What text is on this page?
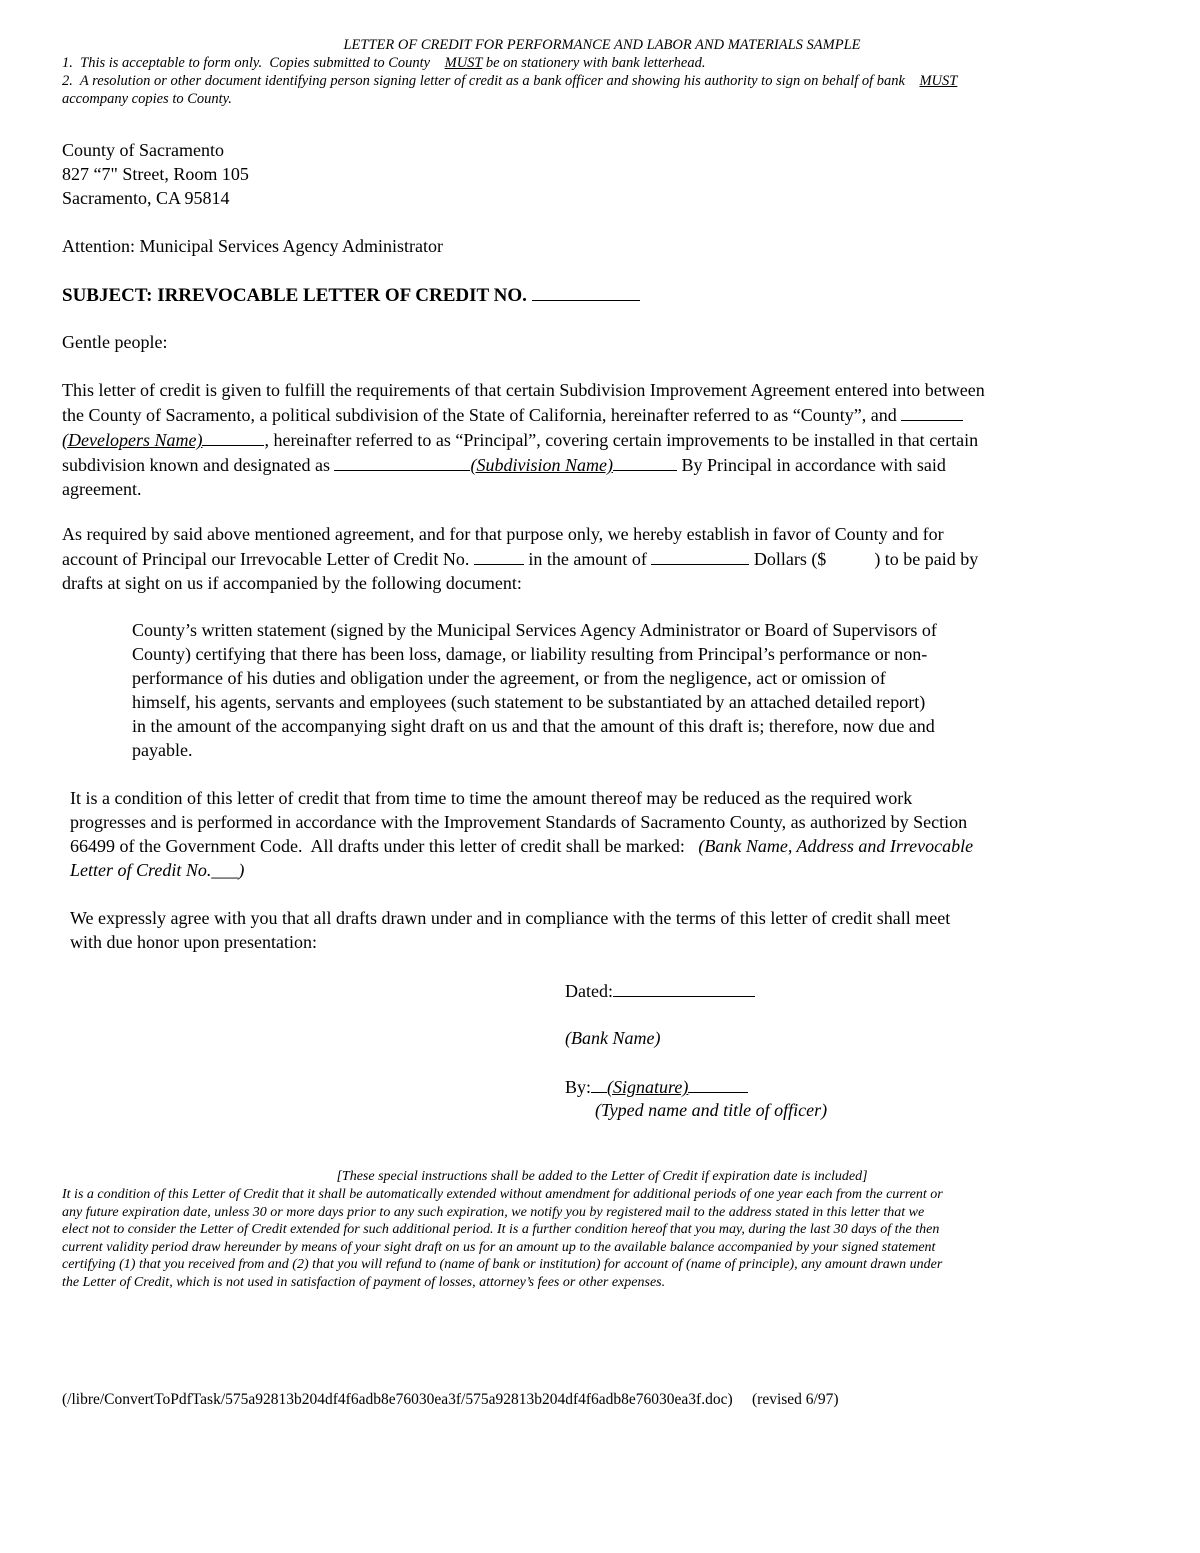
LETTER OF CREDIT FOR PERFORMANCE AND LABOR AND MATERIALS SAMPLE
1.  This is acceptable to form only.  Copies submitted to County    MUST be on stationery with bank letterhead.
2.  A resolution or other document identifying person signing letter of credit as a bank officer and showing his authority to sign on behalf of bank    MUST
accompany copies to County.
County of Sacramento
827 “7" Street, Room 105
Sacramento, CA 95814
Attention: Municipal Services Agency Administrator
SUBJECT: IRREVOCABLE LETTER OF CREDIT NO.
Gentle people:
This letter of credit is given to fulfill the requirements of that certain Subdivision Improvement Agreement entered into between
the County of Sacramento, a political subdivision of the State of California, hereinafter referred to as “County”, and
(Developers Name)	, hereinafter referred to as “Principal”, covering certain improvements to be installed in that certain
subdivision known and designated as	(Subdivision Name)	By Principal in accordance with said
agreement.
As required by said above mentioned agreement, and for that purpose only, we hereby establish in favor of County and for
account of Principal our Irrevocable Letter of Credit No.	in the amount of	Dollars ($	) to be paid by
drafts at sight on us if accompanied by the following document:
County’s written statement (signed by the Municipal Services Agency Administrator or Board of Supervisors of
County) certifying that there has been loss, damage, or liability resulting from Principal’s performance or non-
performance of his duties and obligation under the agreement, or from the negligence, act or omission of
himself, his agents, servants and employees (such statement to be substantiated by an attached detailed report)
in the amount of the accompanying sight draft on us and that the amount of this draft is; therefore, now due and
payable.
It is a condition of this letter of credit that from time to time the amount thereof may be reduced as the required work
progresses and is performed in accordance with the Improvement Standards of Sacramento County, as authorized by Section
66499 of the Government Code.  All drafts under this letter of credit shall be marked:   (Bank Name, Address and Irrevocable
Letter of Credit No.___)
We expressly agree with you that all drafts drawn under and in compliance with the terms of this letter of credit shall meet
with due honor upon presentation:
Dated:
(Bank Name)
By: (Signature)
(Typed name and title of officer)
[These special instructions shall be added to the Letter of Credit if expiration date is included]
It is a condition of this Letter of Credit that it shall be automatically extended without amendment for additional periods of one year each from the current or
any future expiration date, unless 30 or more days prior to any such expiration, we notify you by registered mail to the address stated in this letter that we
elect not to consider the Letter of Credit extended for such additional period. It is a further condition hereof that you may, during the last 30 days of the then
current validity period draw hereunder by means of your sight draft on us for an amount up to the available balance accompanied by your signed statement
certifying (1) that you received from and (2) that you will refund to (name of bank or institution) for account of (name of principle), any amount drawn under
the Letter of Credit, which is not used in satisfaction of payment of losses, attorney’s fees or other expenses.
(/libre/ConvertToPdfTask/575a92813b204df4f6adb8e76030ea3f/575a92813b204df4f6adb8e76030ea3f.doc)     (revised 6/97)
